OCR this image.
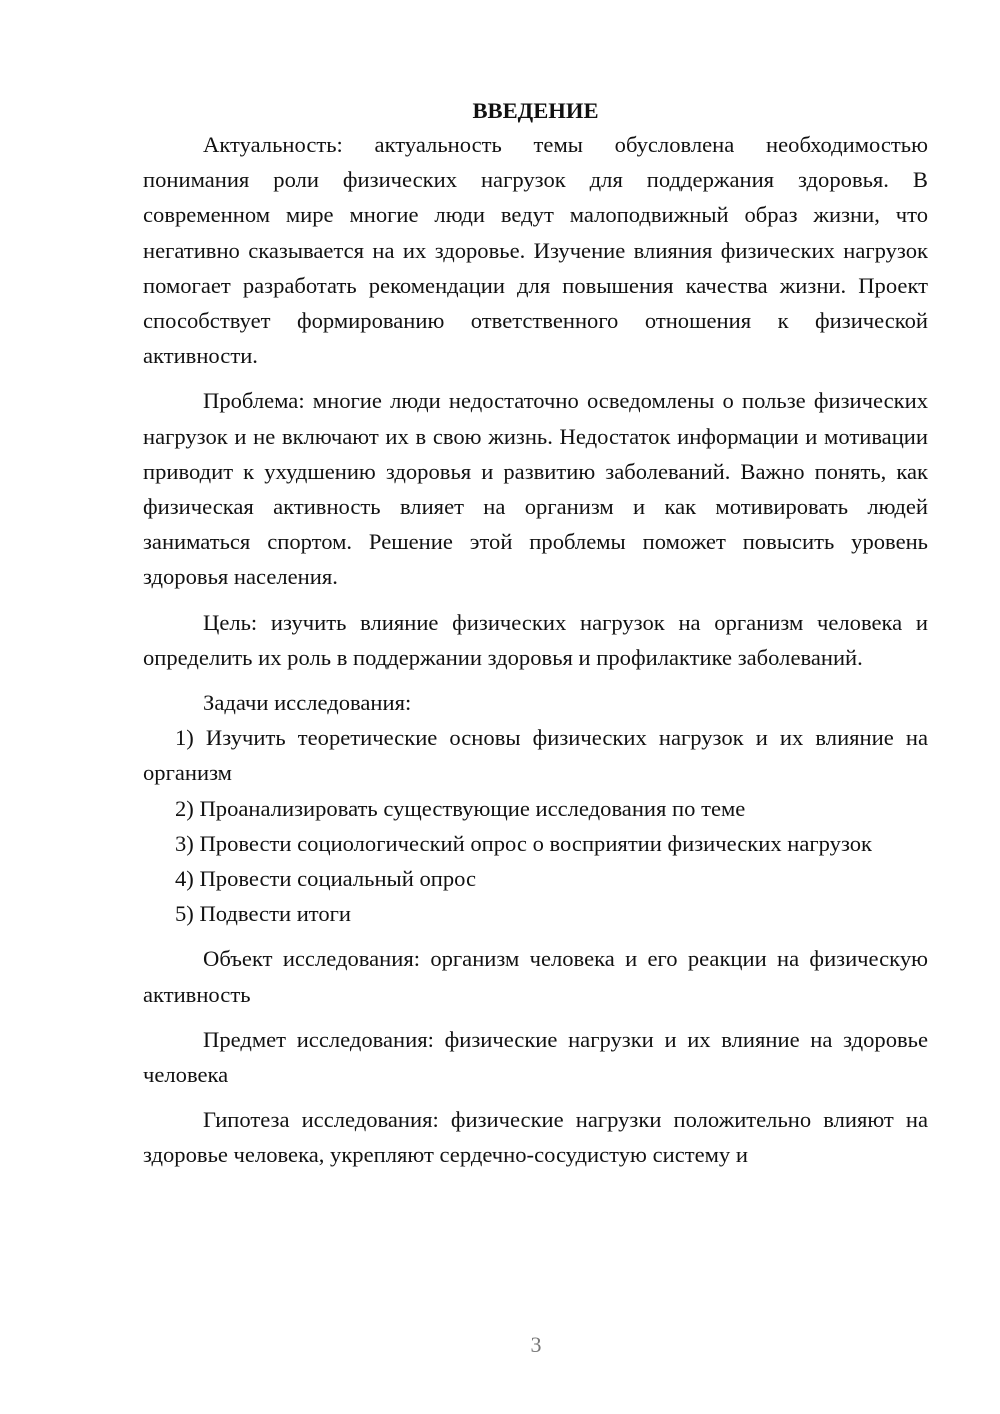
ВВЕДЕНИЕ

Актуальность: актуальность темы обусловлена необходимостью понимания роли физических нагрузок для поддержания здоровья. В современном мире многие люди ведут малоподвижный образ жизни, что негативно сказывается на их здоровье. Изучение влияния физических нагрузок помогает разработать рекомендации для повышения качества жизни. Проект способствует формированию ответственного отношения к физической активности.

Проблема: многие люди недостаточно осведомлены о пользе физических нагрузок и не включают их в свою жизнь. Недостаток информации и мотивации приводит к ухудшению здоровья и развитию заболеваний. Важно понять, как физическая активность влияет на организм и как мотивировать людей заниматься спортом. Решение этой проблемы поможет повысить уровень здоровья населения.

Цель: изучить влияние физических нагрузок на организм человека и определить их роль в поддержании здоровья и профилактике заболеваний.

Задачи исследования:

1) Изучить теоретические основы физических нагрузок и их влияние на организм

2) Проанализировать существующие исследования по теме

3) Провести социологический опрос о восприятии физических нагрузок

4) Провести социальный опрос

5) Подвести итоги

Объект исследования: организм человека и его реакции на физическую активность

Предмет исследования: физические нагрузки и их влияние на здоровье человека

Гипотеза исследования: физические нагрузки положительно влияют на здоровье человека, укрепляют сердечно-сосудистую систему и

3
